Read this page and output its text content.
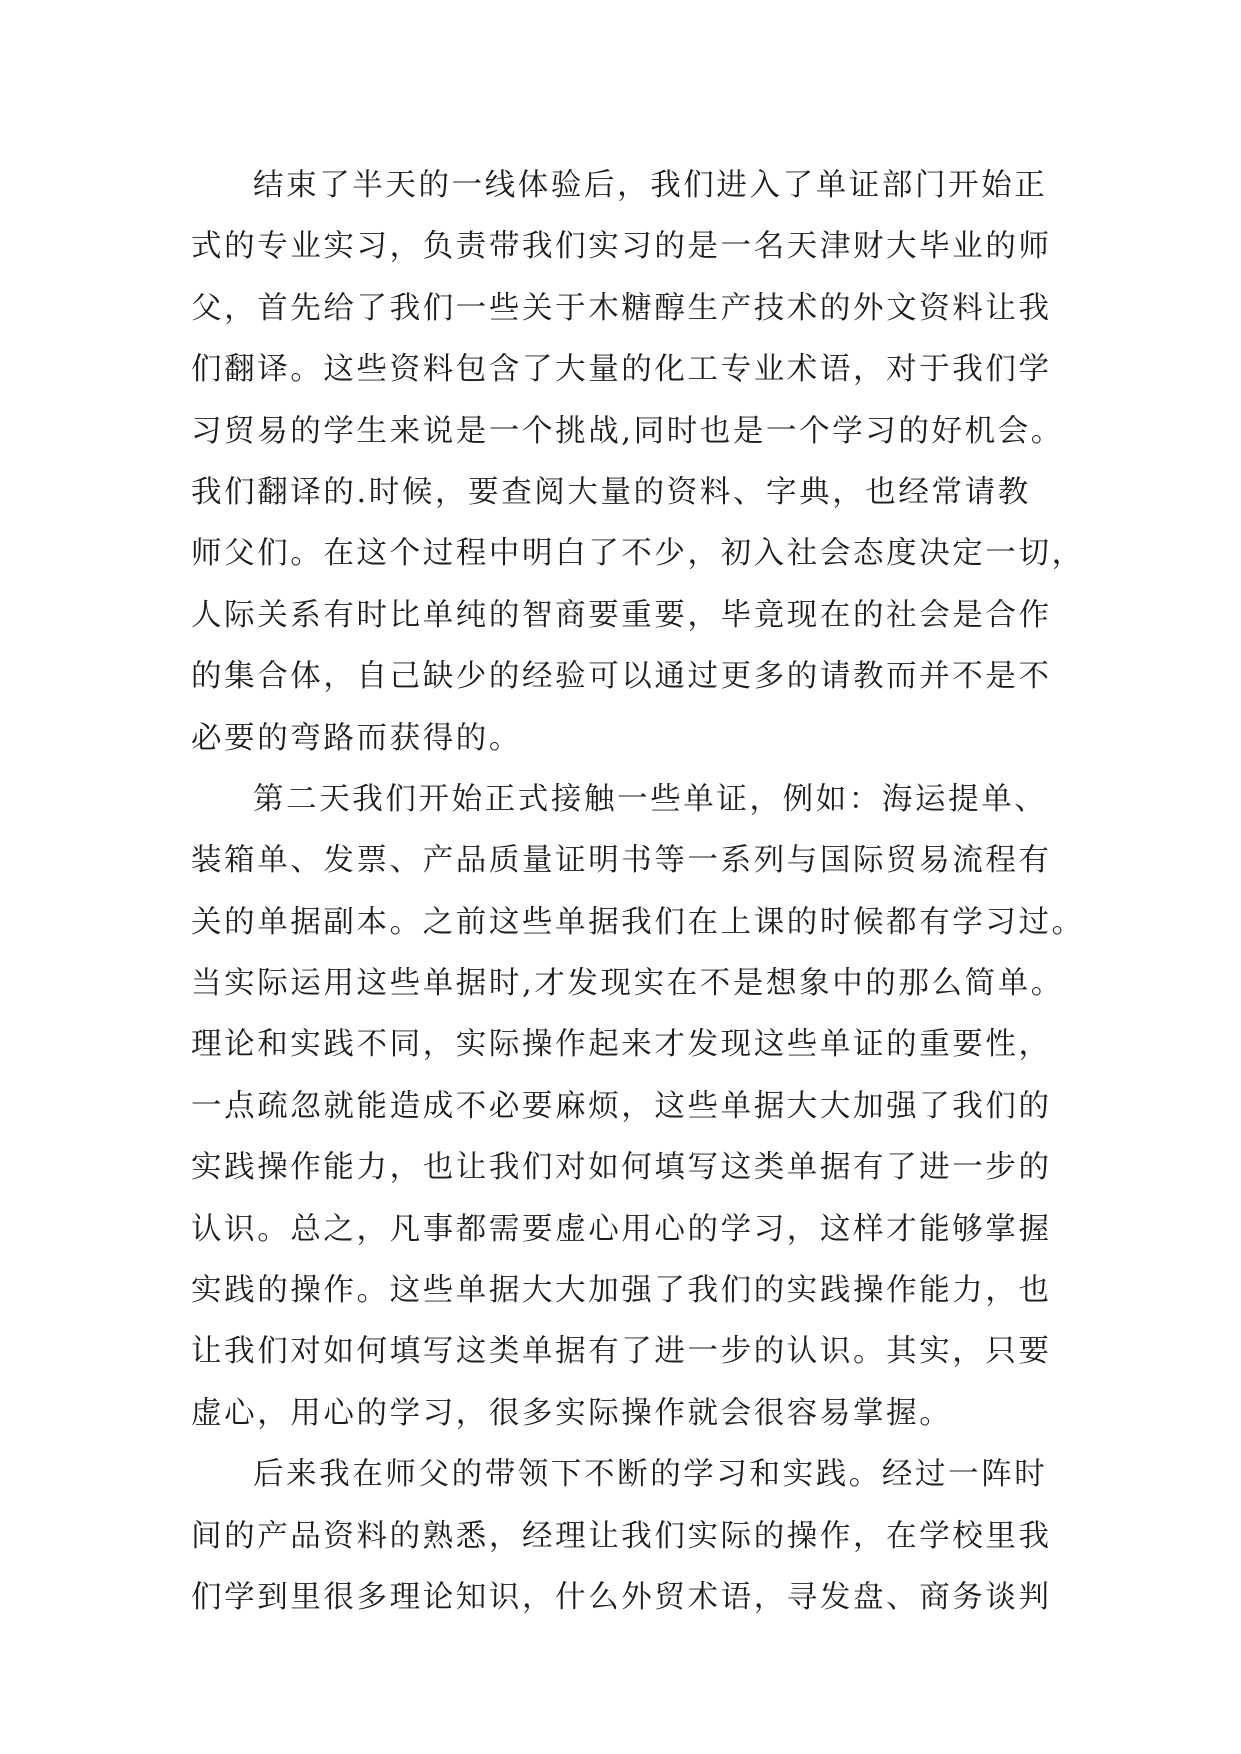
结束了半天的一线体验后，我们进入了单证部门开始正
式的专业实习，负责带我们实习的是一名天津财大毕业的师
父，首先给了我们一些关于木糖醇生产技术的外文资料让我
们翻译。这些资料包含了大量的化工专业术语，对于我们学
习贸易的学生来说是一个挑战,同时也是一个学习的好机会。
我们翻译的.时候，要查阅大量的资料、字典，也经常请教
师父们。在这个过程中明白了不少，初入社会态度决定一切，
人际关系有时比单纯的智商要重要，毕竟现在的社会是合作
的集合体，自己缺少的经验可以通过更多的请教而并不是不
必要的弯路而获得的。
第二天我们开始正式接触一些单证，例如：海运提单、
装箱单、发票、产品质量证明书等一系列与国际贸易流程有
关的单据副本。之前这些单据我们在上课的时候都有学习过。
当实际运用这些单据时,才发现实在不是想象中的那么简单。
理论和实践不同，实际操作起来才发现这些单证的重要性，
一点疏忽就能造成不必要麻烦，这些单据大大加强了我们的
实践操作能力，也让我们对如何填写这类单据有了进一步的
认识。总之，凡事都需要虚心用心的学习，这样才能够掌握
实践的操作。这些单据大大加强了我们的实践操作能力，也
让我们对如何填写这类单据有了进一步的认识。其实，只要
虚心，用心的学习，很多实际操作就会很容易掌握。
后来我在师父的带领下不断的学习和实践。经过一阵时
间的产品资料的熟悉，经理让我们实际的操作，在学校里我
们学到里很多理论知识，什么外贸术语，寻发盘、商务谈判
